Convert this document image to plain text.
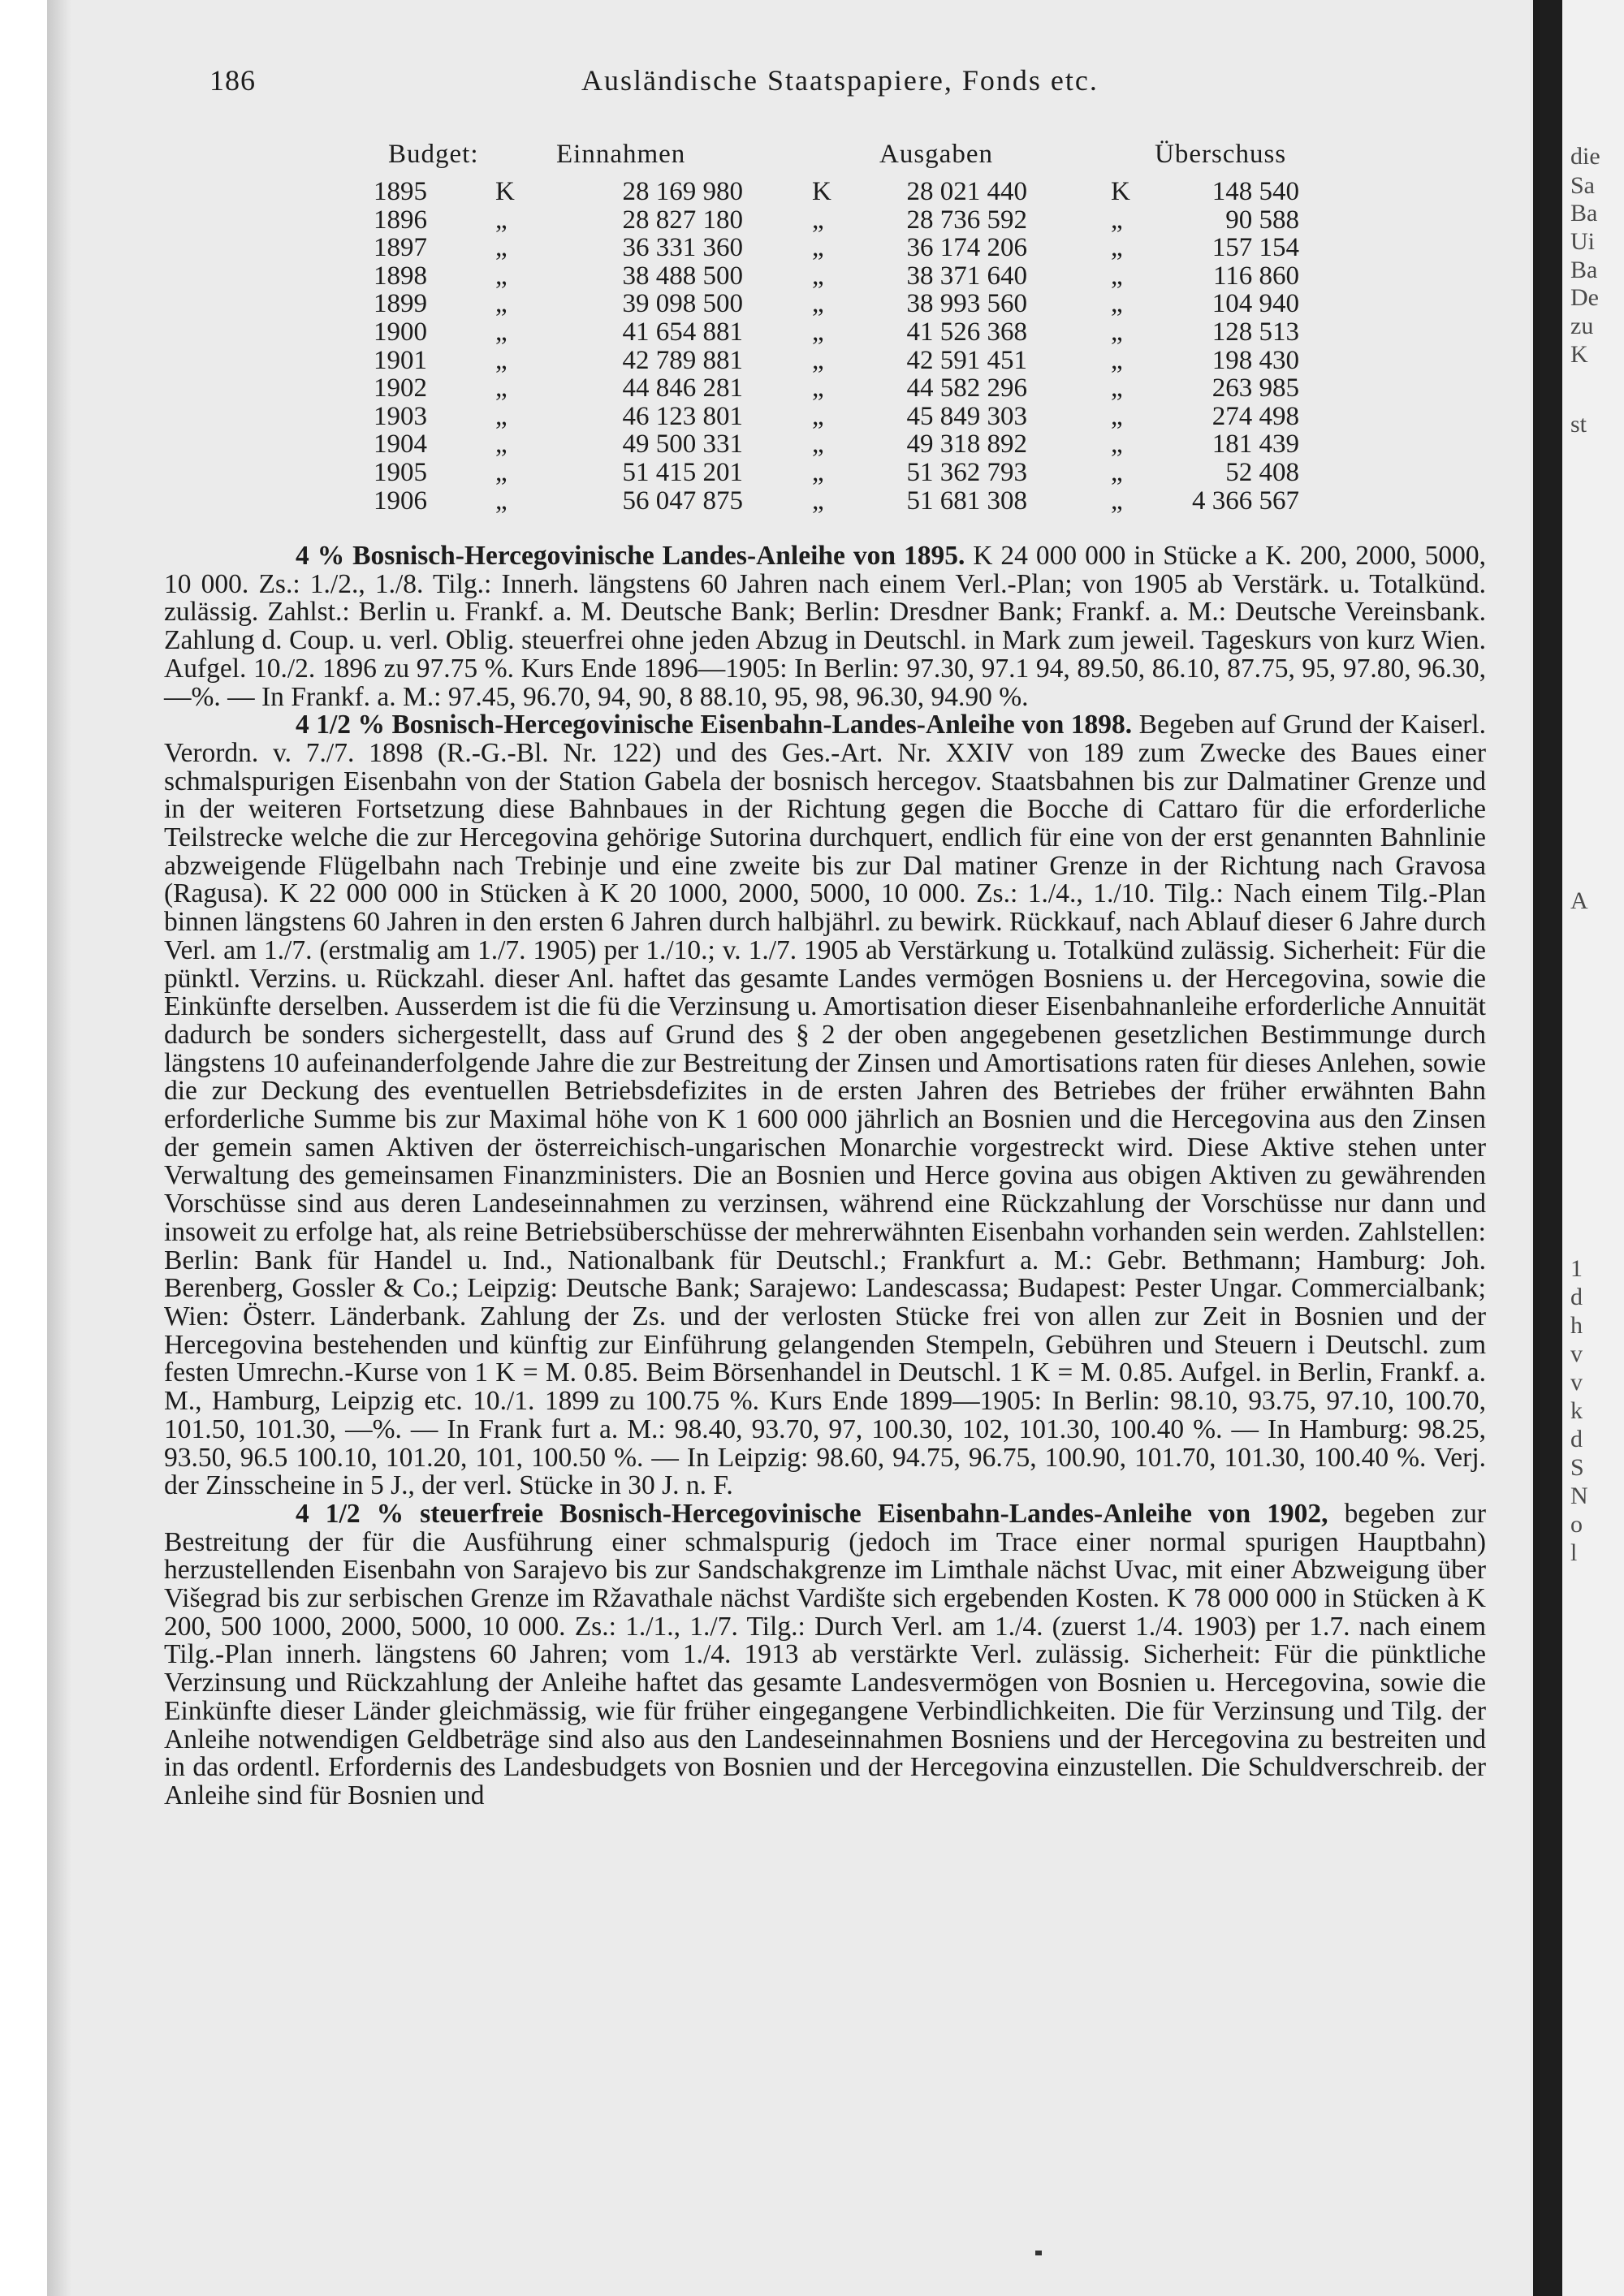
die
Sa
Ba
Ui
Ba
De
zu
K
st
A
1
d
h
v
v
k
d
S
N
o
l
186	Ausländische Staatspapiere, Fonds etc.
Budget:	Einnahmen	Ausgaben	Überschuss
1895	K	28 169 980	K	28 021 440	K	148 540
1896	„	28 827 180	„	28 736 592	„	90 588
1897	„	36 331 360	„	36 174 206	„	157 154
1898	„	38 488 500	„	38 371 640	„	116 860
1899	„	39 098 500	„	38 993 560	„	104 940
1900	„	41 654 881	„	41 526 368	„	128 513
1901	„	42 789 881	„	42 591 451	„	198 430
1902	„	44 846 281	„	44 582 296	„	263 985
1903	„	46 123 801	„	45 849 303	„	274 498
1904	„	49 500 331	„	49 318 892	„	181 439
1905	„	51 415 201	„	51 362 793	„	52 408
1906	„	56 047 875	„	51 681 308	„	4 366 567

4 % Bosnisch-Hercegovinische Landes-Anleihe von 1895. K 24 000 000 in Stücke a K. 200, 2000, 5000, 10 000. Zs.: 1./2., 1./8. Tilg.: Innerh. längstens 60 Jahren nach einem Verl.-Plan; von 1905 ab Verstärk. u. Totalkünd. zulässig. Zahlst.: Berlin u. Frankf. a. M. Deutsche Bank; Berlin: Dresdner Bank; Frankf. a. M.: Deutsche Vereinsbank. Zahlung d. Coup. u. verl. Oblig. steuerfrei ohne jeden Abzug in Deutschl. in Mark zum jeweil. Tageskurs von kurz Wien. Aufgel. 10./2. 1896 zu 97.75 %. Kurs Ende 1896—1905: In Berlin: 97.30, 97.1 94, 89.50, 86.10, 87.75, 95, 97.80, 96.30, —%. — In Frankf. a. M.: 97.45, 96.70, 94, 90, 8 88.10, 95, 98, 96.30, 94.90 %.

4 1/2 % Bosnisch-Hercegovinische Eisenbahn-Landes-Anleihe von 1898. Begeben auf Grund der Kaiserl. Verordn. v. 7./7. 1898 (R.-G.-Bl. Nr. 122) und des Ges.-Art. Nr. XXIV von 189 zum Zwecke des Baues einer schmalspurigen Eisenbahn von der Station Gabela der bosnisch hercegov. Staatsbahnen bis zur Dalmatiner Grenze und in der weiteren Fortsetzung diese Bahnbaues in der Richtung gegen die Bocche di Cattaro für die erforderliche Teilstrecke welche die zur Hercegovina gehörige Sutorina durchquert, endlich für eine von der erst genannten Bahnlinie abzweigende Flügelbahn nach Trebinje und eine zweite bis zur Dal matiner Grenze in der Richtung nach Gravosa (Ragusa). K 22 000 000 in Stücken à K 20 1000, 2000, 5000, 10 000. Zs.: 1./4., 1./10. Tilg.: Nach einem Tilg.-Plan binnen längstens 60 Jahren in den ersten 6 Jahren durch halbjährl. zu bewirk. Rückkauf, nach Ablauf dieser 6 Jahre durch Verl. am 1./7. (erstmalig am 1./7. 1905) per 1./10.; v. 1./7. 1905 ab Verstärkung u. Totalkünd zulässig. Sicherheit: Für die pünktl. Verzins. u. Rückzahl. dieser Anl. haftet das gesamte Landes vermögen Bosniens u. der Hercegovina, sowie die Einkünfte derselben. Ausserdem ist die fü die Verzinsung u. Amortisation dieser Eisenbahnanleihe erforderliche Annuität dadurch be sonders sichergestellt, dass auf Grund des § 2 der oben angegebenen gesetzlichen Bestimmunge durch längstens 10 aufeinanderfolgende Jahre die zur Bestreitung der Zinsen und Amortisations raten für dieses Anlehen, sowie die zur Deckung des eventuellen Betriebsdefizites in de ersten Jahren des Betriebes der früher erwähnten Bahn erforderliche Summe bis zur Maximal höhe von K 1 600 000 jährlich an Bosnien und die Hercegovina aus den Zinsen der gemein samen Aktiven der österreichisch-ungarischen Monarchie vorgestreckt wird. Diese Aktive stehen unter Verwaltung des gemeinsamen Finanzministers. Die an Bosnien und Herce govina aus obigen Aktiven zu gewährenden Vorschüsse sind aus deren Landeseinnahmen zu verzinsen, während eine Rückzahlung der Vorschüsse nur dann und insoweit zu erfolge hat, als reine Betriebsüberschüsse der mehrerwähnten Eisenbahn vorhanden sein werden. Zahlstellen: Berlin: Bank für Handel u. Ind., Nationalbank für Deutschl.; Frankfurt a. M.: Gebr. Bethmann; Hamburg: Joh. Berenberg, Gossler & Co.; Leipzig: Deutsche Bank; Sarajewo: Landescassa; Budapest: Pester Ungar. Commercialbank; Wien: Österr. Länderbank. Zahlung der Zs. und der verlosten Stücke frei von allen zur Zeit in Bosnien und der Hercegovina bestehenden und künftig zur Einführung gelangenden Stempeln, Gebühren und Steuern i Deutschl. zum festen Umrechn.-Kurse von 1 K = M. 0.85. Beim Börsenhandel in Deutschl. 1 K = M. 0.85. Aufgel. in Berlin, Frankf. a. M., Hamburg, Leipzig etc. 10./1. 1899 zu 100.75 %. Kurs Ende 1899—1905: In Berlin: 98.10, 93.75, 97.10, 100.70, 101.50, 101.30, —%. — In Frank furt a. M.: 98.40, 93.70, 97, 100.30, 102, 101.30, 100.40 %. — In Hamburg: 98.25, 93.50, 96.5 100.10, 101.20, 101, 100.50 %. — In Leipzig: 98.60, 94.75, 96.75, 100.90, 101.70, 101.30, 100.40 %. Verj. der Zinsscheine in 5 J., der verl. Stücke in 30 J. n. F.

4 1/2 % steuerfreie Bosnisch-Hercegovinische Eisenbahn-Landes-Anleihe von 1902, begeben zur Bestreitung der für die Ausführung einer schmalspurig (jedoch im Trace einer normal spurigen Hauptbahn) herzustellenden Eisenbahn von Sarajevo bis zur Sandschakgrenze im Limthale nächst Uvac, mit einer Abzweigung über Višegrad bis zur serbischen Grenze im Ržavathale nächst Vardište sich ergebenden Kosten. K 78 000 000 in Stücken à K 200, 500 1000, 2000, 5000, 10 000. Zs.: 1./1., 1./7. Tilg.: Durch Verl. am 1./4. (zuerst 1./4. 1903) per 1.7. nach einem Tilg.-Plan innerh. längstens 60 Jahren; vom 1./4. 1913 ab verstärkte Verl. zulässig. Sicherheit: Für die pünktliche Verzinsung und Rückzahlung der Anleihe haftet das gesamte Landesvermögen von Bosnien u. Hercegovina, sowie die Einkünfte dieser Länder gleichmässig, wie für früher eingegangene Verbindlichkeiten. Die für Verzinsung und Tilg. der Anleihe notwendigen Geldbeträge sind also aus den Landeseinnahmen Bosniens und der Hercegovina zu bestreiten und in das ordentl. Erfordernis des Landesbudgets von Bosnien und der Hercegovina einzustellen. Die Schuldverschreib. der Anleihe sind für Bosnien und
